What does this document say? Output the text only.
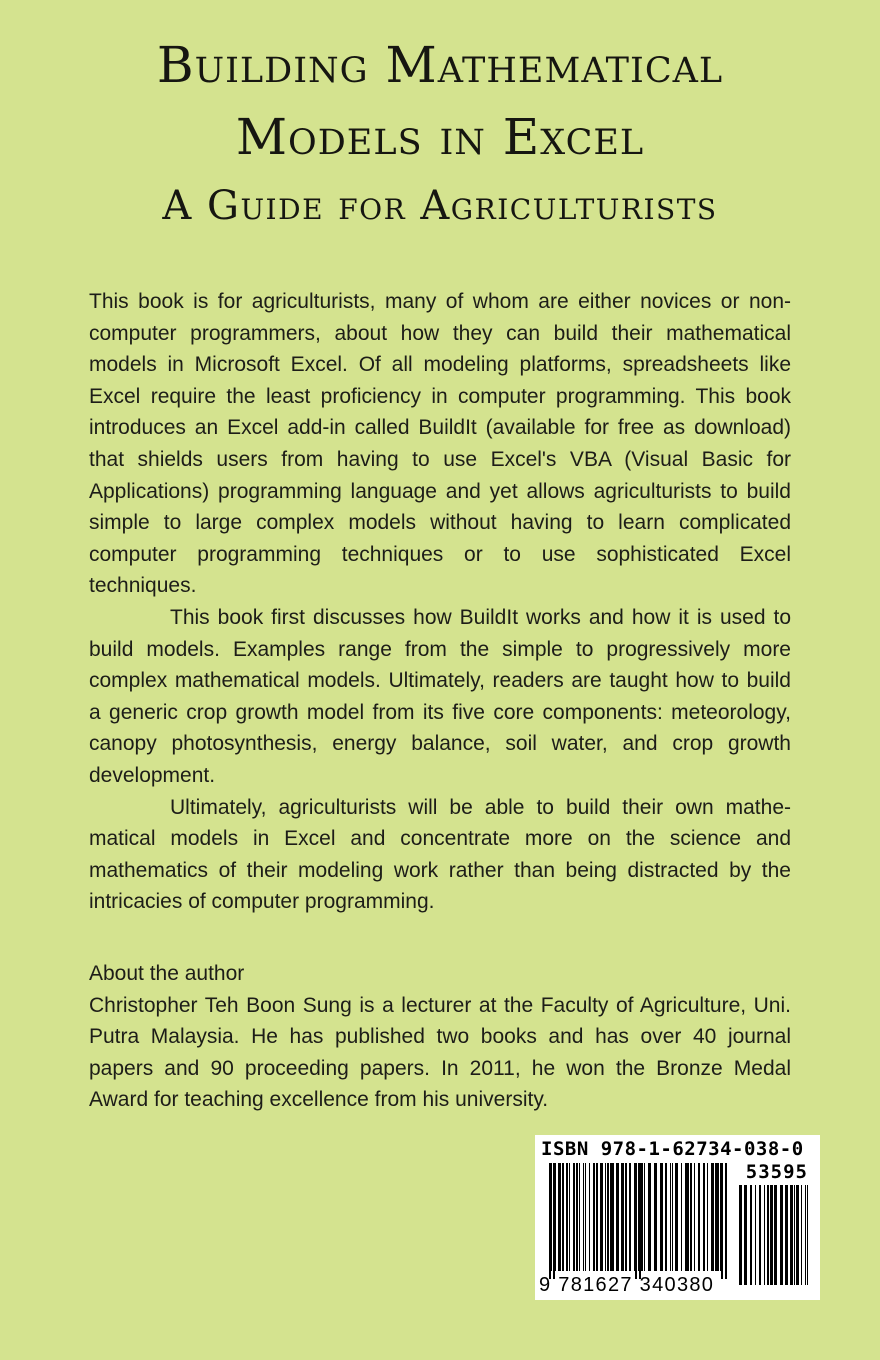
Building Mathematical
Models in Excel
A Guide for Agriculturists

This book is for agriculturists, many of whom are either novices or non-computer programmers, about how they can build their mathematical models in Microsoft Excel. Of all modeling platforms, spreadsheets like Excel require the least proficiency in computer programming. This book introduces an Excel add-in called BuildIt (available for free as download) that shields users from having to use Excel's VBA (Visual Basic for Applications) programming language and yet allows agriculturists to build simple to large complex models without having to learn complicated computer programming techniques or to use sophisticated Excel techniques.

This book first discusses how BuildIt works and how it is used to build models. Examples range from the simple to progressively more complex mathematical models. Ultimately, readers are taught how to build a generic crop growth model from its five core components: meteorology, canopy photosynthesis, energy balance, soil water, and crop growth development.

Ultimately, agriculturists will be able to build their own mathematical models in Excel and concentrate more on the science and mathematics of their modeling work rather than being distracted by the intricacies of computer programming.

About the author

Christopher Teh Boon Sung is a lecturer at the Faculty of Agriculture, Uni. Putra Malaysia. He has published two books and has over 40 journal papers and 90 proceeding papers. In 2011, he won the Bronze Medal Award for teaching excellence from his university.

ISBN 978-1-62734-038-0
53595
9 781627 340380
